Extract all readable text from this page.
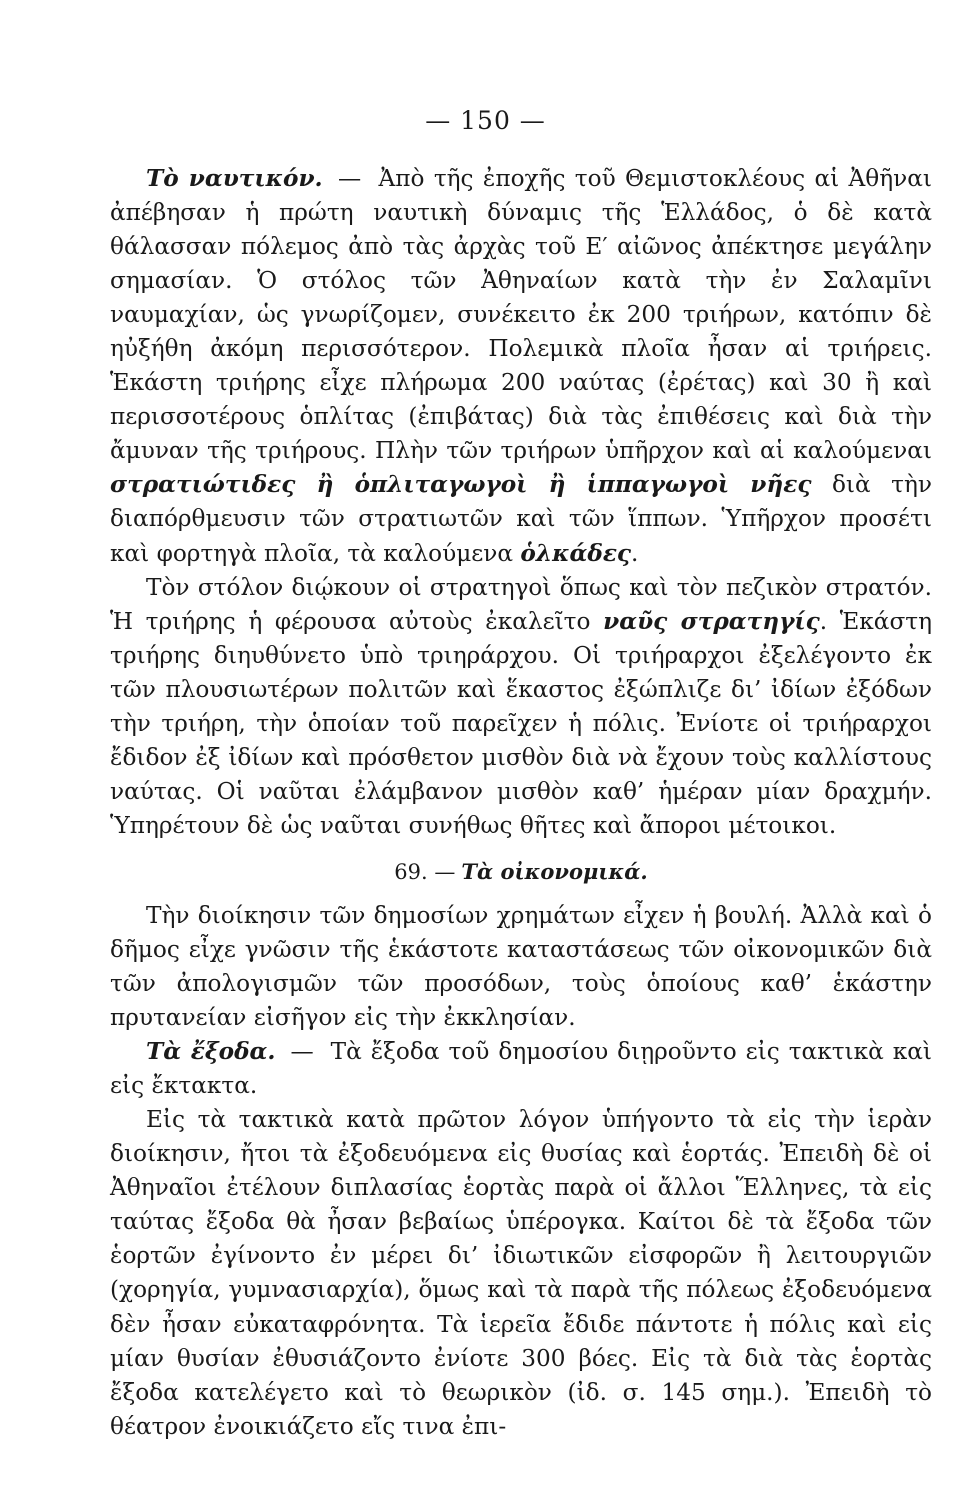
— 150 —

Τὸ ναυτικόν. — Ἀπὸ τῆς ἐποχῆς τοῦ Θεμιστοκλέους αἱ Ἀθῆναι ἀπέβησαν ἡ πρώτη ναυτικὴ δύναμις τῆς Ἑλλάδος, ὁ δὲ κατὰ θάλασσαν πόλεμος ἀπὸ τὰς ἀρχὰς τοῦ Ε′ αἰῶνος ἀπέκτησε μεγάλην σημασίαν. Ὁ στόλος τῶν Ἀθηναίων κατὰ τὴν ἐν Σαλαμῖνι ναυμαχίαν, ὡς γνωρίζομεν, συνέκειτο ἐκ 200 τριήρων, κατόπιν δὲ ηὐξήθη ἀκόμη περισσότερον. Πολεμικὰ πλοῖα ἦσαν αἱ τριήρεις. Ἑκάστη τριήρης εἶχε πλήρωμα 200 ναύτας (ἐρέτας) καὶ 30 ἢ καὶ περισσοτέρους ὁπλίτας (ἐπιβάτας) διὰ τὰς ἐπιθέσεις καὶ διὰ τὴν ἄμυναν τῆς τριήρους. Πλὴν τῶν τριήρων ὑπῆρχον καὶ αἱ καλούμεναι στρατιώτιδες ἢ ὁπλιταγωγοὶ ἢ ἱππαγωγοὶ νῆες διὰ τὴν διαπόρθμευσιν τῶν στρατιωτῶν καὶ τῶν ἵππων. Ὑπῆρχον προσέτι καὶ φορτηγὰ πλοῖα, τὰ καλούμενα ὁλκάδες.

Τὸν στόλον διῴκουν οἱ στρατηγοὶ ὅπως καὶ τὸν πεζικὸν στρατόν. Ἡ τριήρης ἡ φέρουσα αὐτοὺς ἐκαλεῖτο ναῦς στρατηγίς. Ἑκάστη τριήρης διηυθύνετο ὑπὸ τριηράρχου. Οἱ τριήραρχοι ἐξελέγοντο ἐκ τῶν πλουσιωτέρων πολιτῶν καὶ ἕκαστος ἐξώπλιζε δι’ ἰδίων ἐξόδων τὴν τριήρη, τὴν ὁποίαν τοῦ παρεῖχεν ἡ πόλις. Ἐνίοτε οἱ τριήραρχοι ἔδιδον ἐξ ἰδίων καὶ πρόσθετον μισθὸν διὰ νὰ ἔχουν τοὺς καλλίστους ναύτας. Οἱ ναῦται ἐλάμβανον μισθὸν καθ’ ἡμέραν μίαν δραχμήν. Ὑπηρέτουν δὲ ὡς ναῦται συνήθως θῆτες καὶ ἄποροι μέτοικοι.

69. — Τὰ οἰκονομικά.

Τὴν διοίκησιν τῶν δημοσίων χρημάτων εἶχεν ἡ βουλή. Ἀλλὰ καὶ ὁ δῆμος εἶχε γνῶσιν τῆς ἑκάστοτε καταστάσεως τῶν οἰκονομικῶν διὰ τῶν ἀπολογισμῶν τῶν προσόδων, τοὺς ὁποίους καθ’ ἑκάστην πρυτανείαν εἰσῆγον εἰς τὴν ἐκκλησίαν.

Τὰ ἔξοδα. — Τὰ ἔξοδα τοῦ δημοσίου διῃροῦντο εἰς τακτικὰ καὶ εἰς ἔκτακτα.

Εἰς τὰ τακτικὰ κατὰ πρῶτον λόγον ὑπήγοντο τὰ εἰς τὴν ἱερὰν διοίκησιν, ἤτοι τὰ ἐξοδευόμενα εἰς θυσίας καὶ ἑορτάς. Ἐπειδὴ δὲ οἱ Ἀθηναῖοι ἐτέλουν διπλασίας ἑορτὰς παρὰ οἱ ἄλλοι Ἕλληνες, τὰ εἰς ταύτας ἔξοδα θὰ ἦσαν βεβαίως ὑπέρογκα. Καίτοι δὲ τὰ ἔξοδα τῶν ἑορτῶν ἐγίνοντο ἐν μέρει δι’ ἰδιωτικῶν εἰσφορῶν ἢ λειτουργιῶν (χορηγία, γυμνασιαρχία), ὅμως καὶ τὰ παρὰ τῆς πόλεως ἐξοδευόμενα δὲν ἦσαν εὐκαταφρόνητα. Τὰ ἱερεῖα ἔδιδε πάντοτε ἡ πόλις καὶ εἰς μίαν θυσίαν ἐθυσιάζοντο ἐνίοτε 300 βόες. Εἰς τὰ διὰ τὰς ἑορτὰς ἔξοδα κατελέγετο καὶ τὸ θεωρικὸν (ἰδ. σ. 145 σημ.). Ἐπειδὴ τὸ θέατρον ἐνοικιάζετο εἴς τινα ἐπι-
